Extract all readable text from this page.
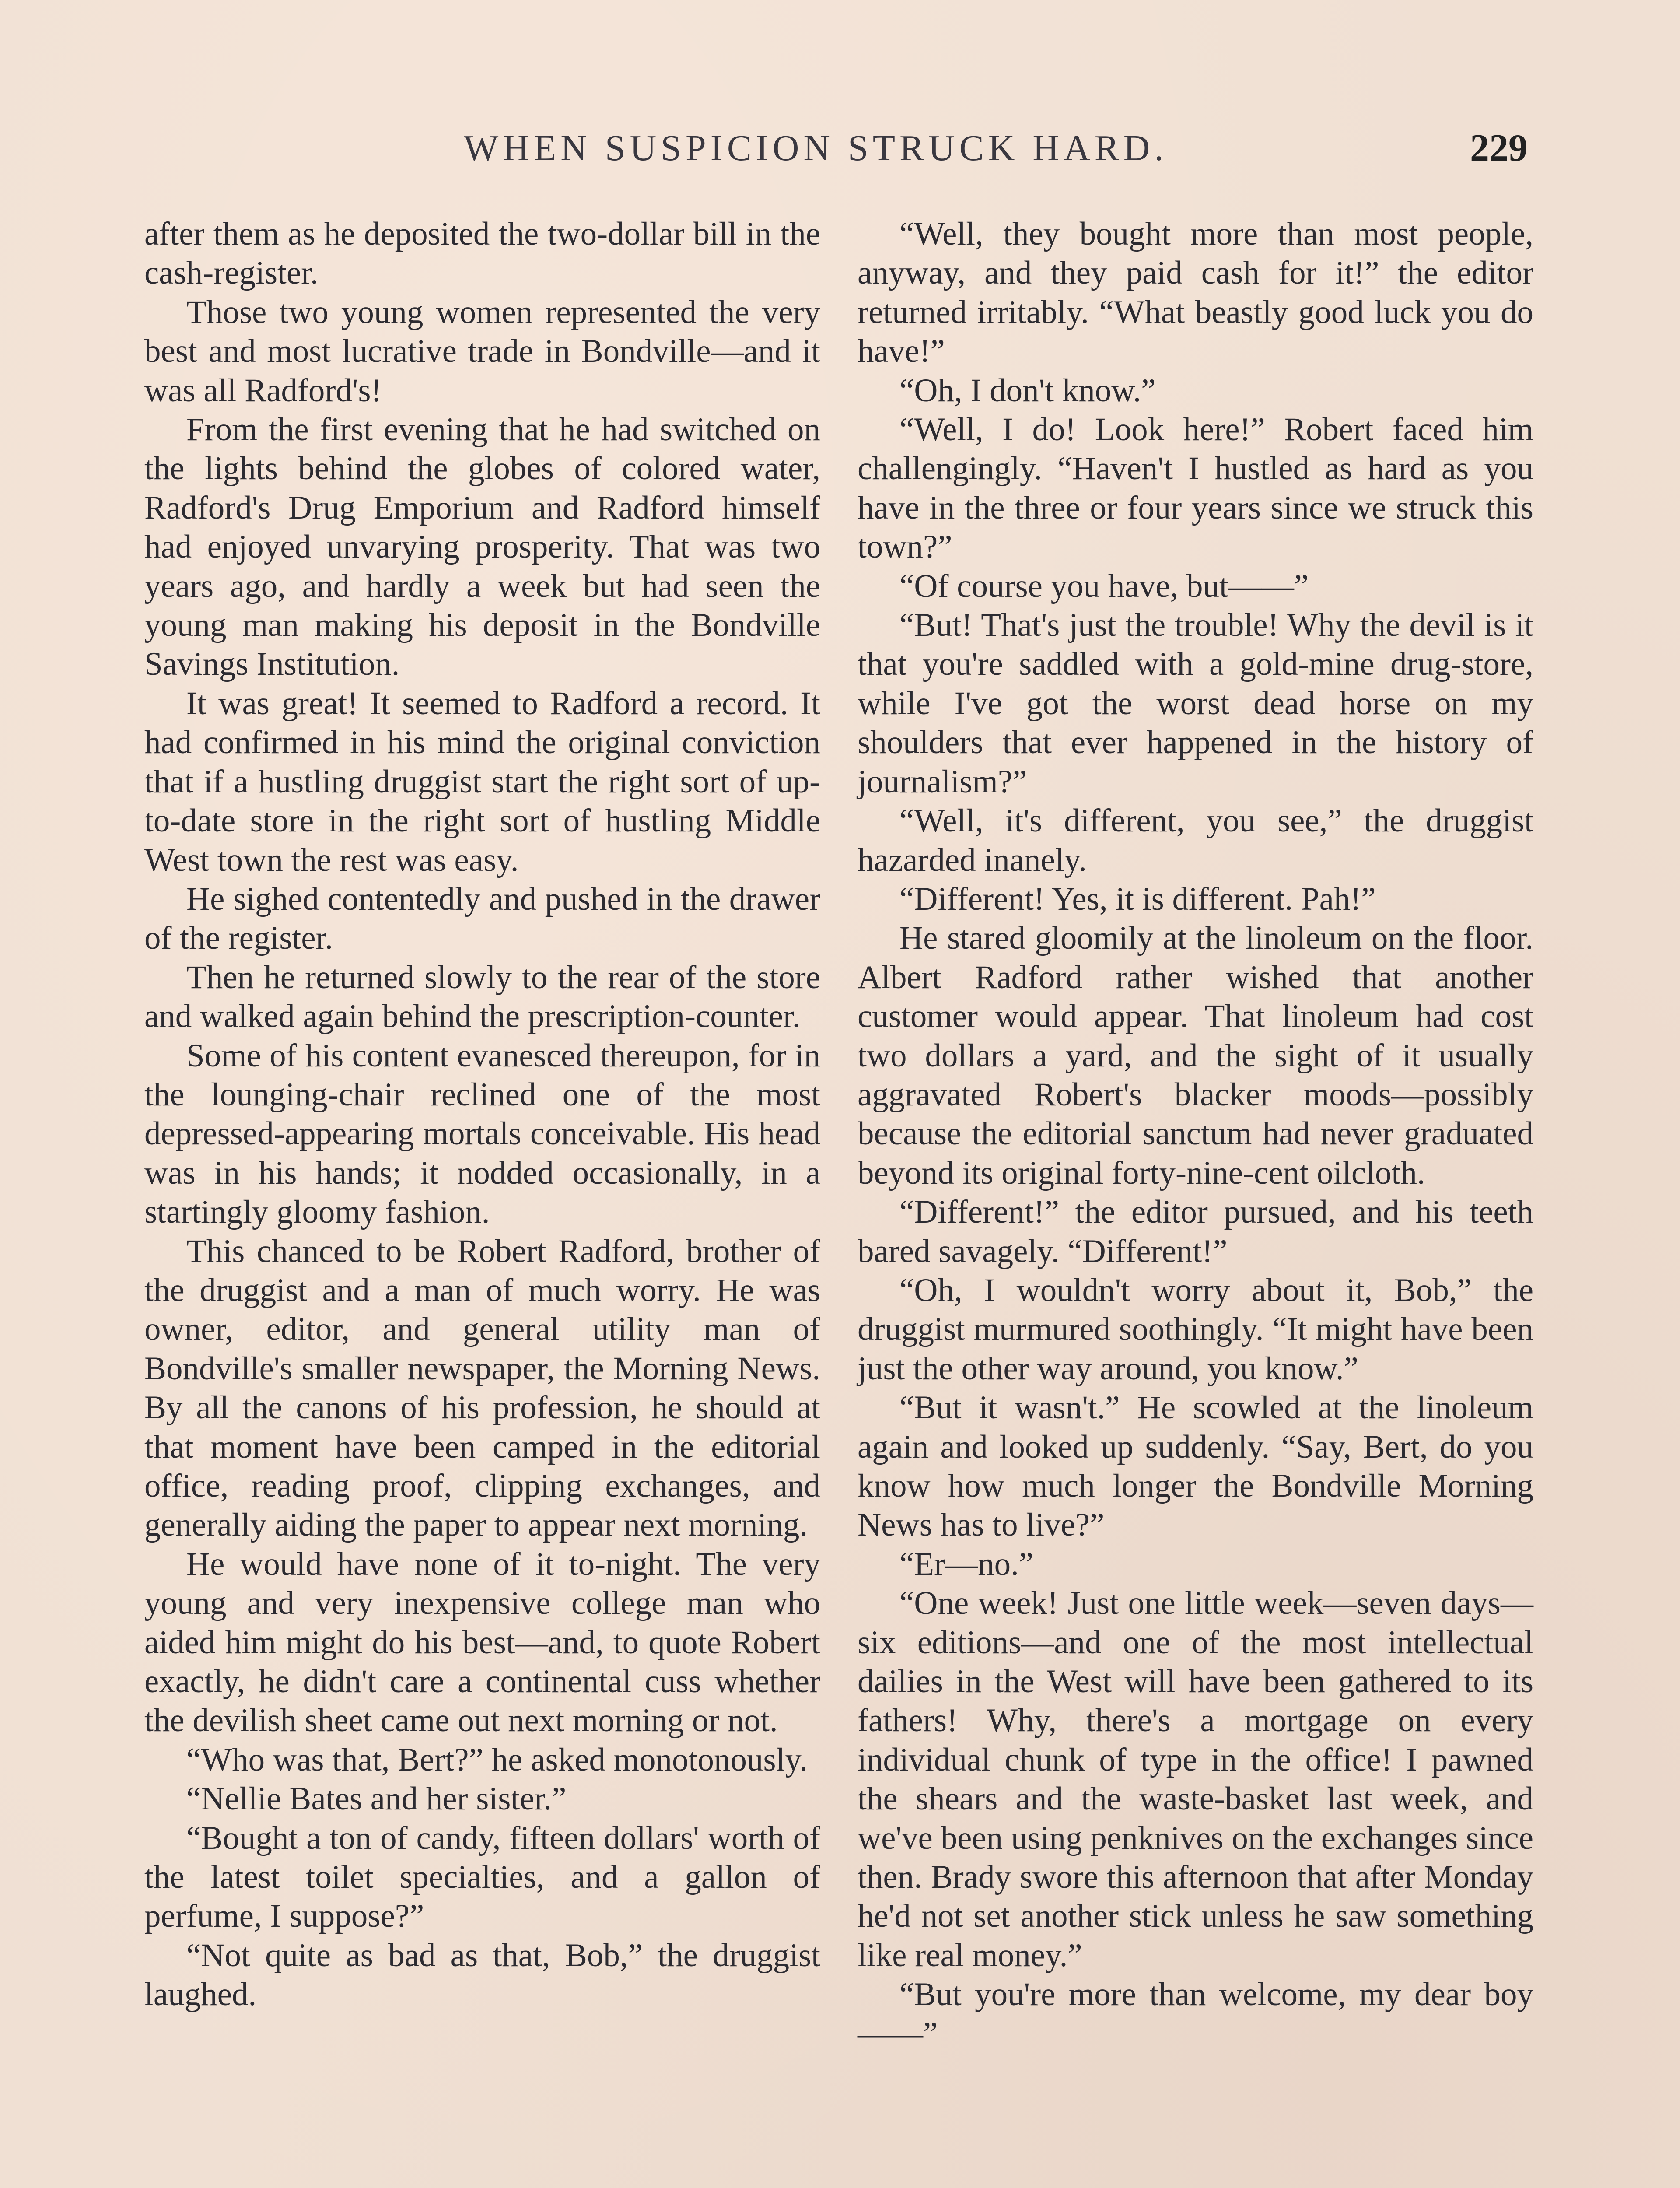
WHEN SUSPICION STRUCK HARD.	229

after them as he deposited the two-dollar bill in the cash-register.

Those two young women represented the very best and most lucrative trade in Bondville—and it was all Radford's!

From the first evening that he had switched on the lights behind the globes of colored water, Radford's Drug Emporium and Radford himself had enjoyed unvarying prosperity. That was two years ago, and hardly a week but had seen the young man making his deposit in the Bondville Savings Institution.

It was great! It seemed to Radford a record. It had confirmed in his mind the original conviction that if a hustling druggist start the right sort of up-to-date store in the right sort of hustling Middle West town the rest was easy.

He sighed contentedly and pushed in the drawer of the register.

Then he returned slowly to the rear of the store and walked again behind the prescription-counter.

Some of his content evanesced thereupon, for in the lounging-chair reclined one of the most depressed-appearing mortals conceivable. His head was in his hands; it nodded occasionally, in a startingly gloomy fashion.

This chanced to be Robert Radford, brother of the druggist and a man of much worry. He was owner, editor, and general utility man of Bondville's smaller newspaper, the Morning News. By all the canons of his profession, he should at that moment have been camped in the editorial office, reading proof, clipping exchanges, and generally aiding the paper to appear next morning.

He would have none of it to-night. The very young and very inexpensive college man who aided him might do his best—and, to quote Robert exactly, he didn't care a continental cuss whether the devilish sheet came out next morning or not.

“Who was that, Bert?” he asked monotonously.

“Nellie Bates and her sister.”

“Bought a ton of candy, fifteen dollars' worth of the latest toilet specialties, and a gallon of perfume, I suppose?”

“Not quite as bad as that, Bob,” the druggist laughed.

“Well, they bought more than most people, anyway, and they paid cash for it!” the editor returned irritably. “What beastly good luck you do have!”

“Oh, I don't know.”

“Well, I do! Look here!” Robert faced him challengingly. “Haven't I hustled as hard as you have in the three or four years since we struck this town?”

“Of course you have, but——”

“But! That's just the trouble! Why the devil is it that you're saddled with a gold-mine drug-store, while I've got the worst dead horse on my shoulders that ever happened in the history of journalism?”

“Well, it's different, you see,” the druggist hazarded inanely.

“Different! Yes, it is different. Pah!”

He stared gloomily at the linoleum on the floor. Albert Radford rather wished that another customer would appear. That linoleum had cost two dollars a yard, and the sight of it usually aggravated Robert's blacker moods—possibly because the editorial sanctum had never graduated beyond its original forty-nine-cent oilcloth.

“Different!” the editor pursued, and his teeth bared savagely. “Different!”

“Oh, I wouldn't worry about it, Bob,” the druggist murmured soothingly. “It might have been just the other way around, you know.”

“But it wasn't.” He scowled at the linoleum again and looked up suddenly. “Say, Bert, do you know how much longer the Bondville Morning News has to live?”

“Er—no.”

“One week! Just one little week—seven days—six editions—and one of the most intellectual dailies in the West will have been gathered to its fathers! Why, there's a mortgage on every individual chunk of type in the office! I pawned the shears and the waste-basket last week, and we've been using penknives on the exchanges since then. Brady swore this afternoon that after Monday he'd not set another stick unless he saw something like real money.”

“But you're more than welcome, my dear boy——”
